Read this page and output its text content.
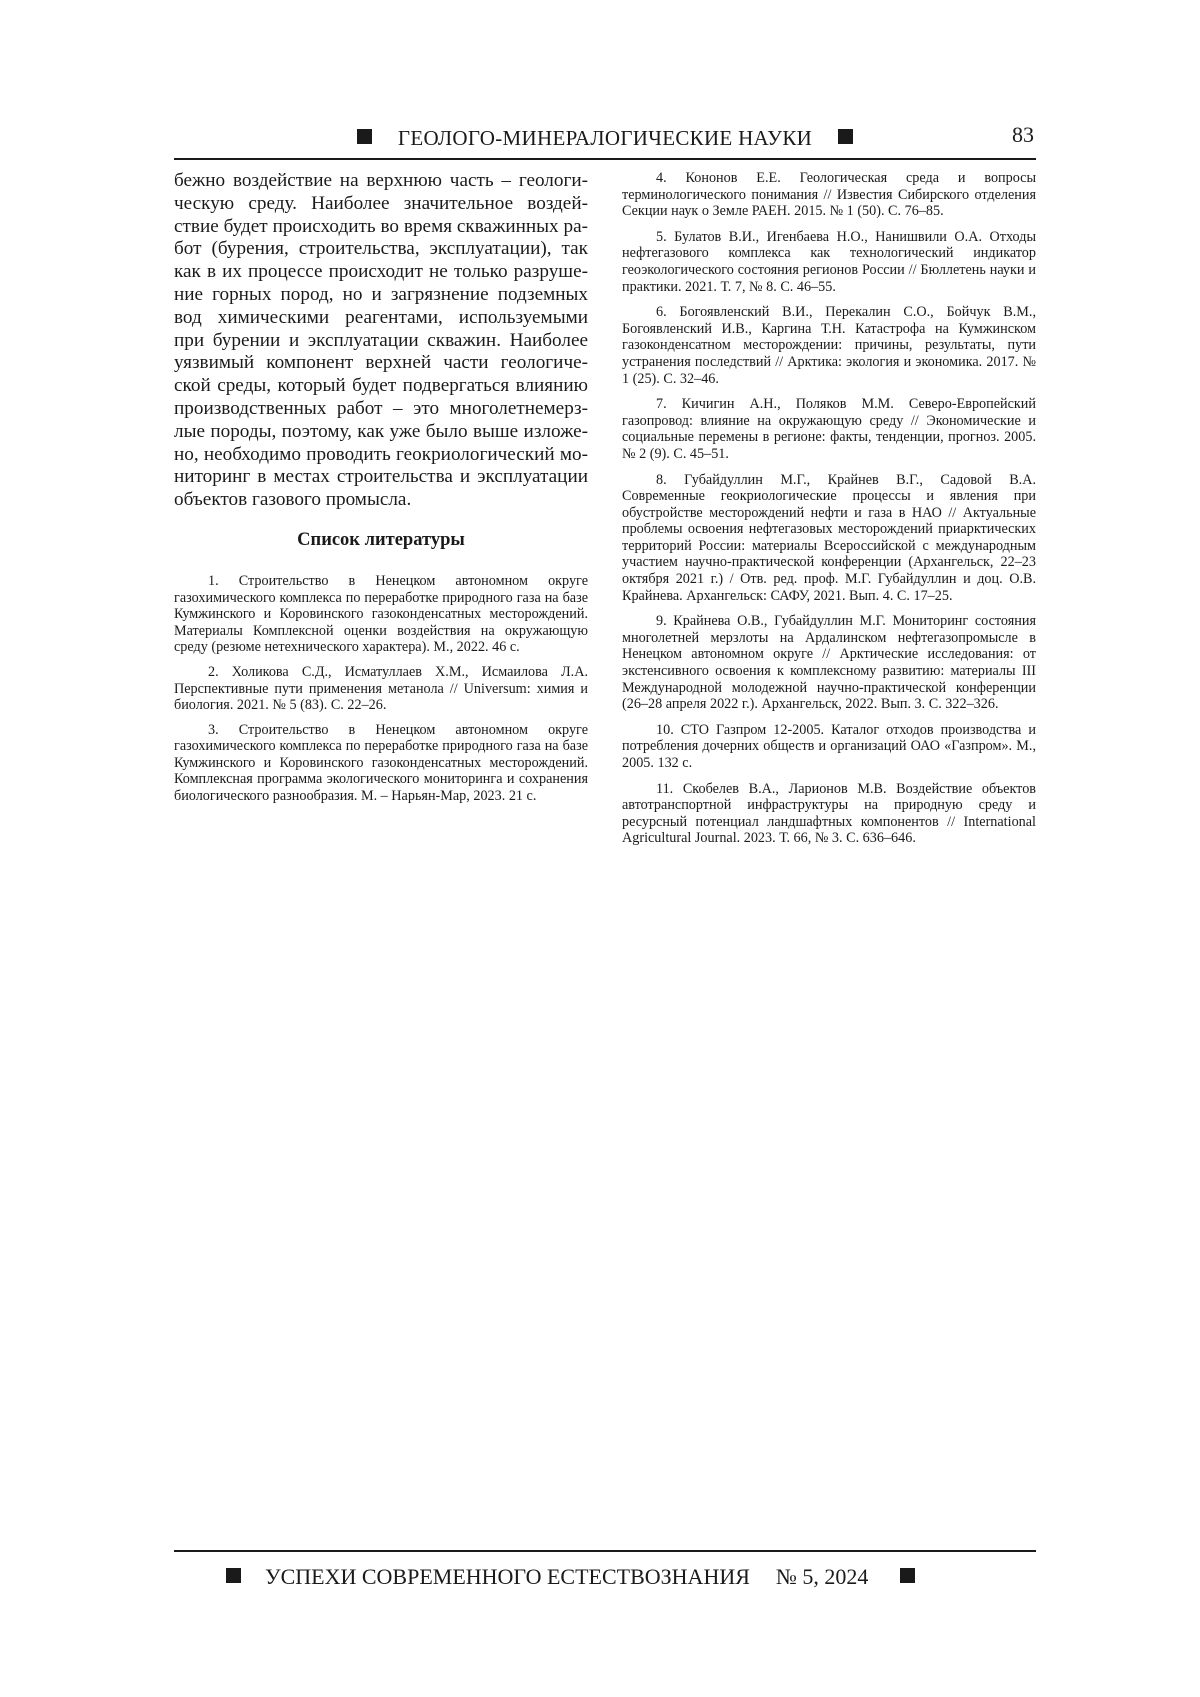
ГЕОЛОГО-МИНЕРАЛОГИЧЕСКИЕ НАУКИ	83

беж­но воз­дей­ствие на верх­нюю часть – гео­ло­ги­че­скую сре­ду. Наи­бо­лее зна­чи­тель­ное воз­дей­ствие бу­дет про­ис­хо­дить во вре­мя сква­жин­ных ра­бот (бу­ре­ния, стро­и­тель­ства, экс­плу­а­та­ции), так как в их про­цес­се про­ис­хо­дит не толь­ко раз­ру­ше­ние гор­ных по­род, но и за­гряз­не­ние под­зем­ных вод хи­ми­че­ски­ми ре­а­ген­та­ми, ис­поль­зу­е­мы­ми при бу­ре­нии и экс­плу­а­та­ции сква­жин. Наи­бо­лее уяз­ви­мый ком­по­нент верх­ней ча­сти гео­ло­ги­че­ской сре­ды, ко­то­рый бу­дет под­вер­гать­ся вли­я­нию про­из­вод­ствен­ных ра­бот – это мно­го­лет­не­мерз­лые по­ро­ды, по­это­му, как уже бы­ло вы­ше из­ло­же­но, не­об­хо­ди­мо про­во­дить гео­крио­ло­ги­че­ский мо­ни­то­ринг в ме­стах стро­и­тель­ства и экс­плу­а­та­ции объ­ек­тов га­зо­во­го про­мыс­ла.

Список литературы

1. Строительство в Ненецком автономном округе газохимического комплекса по переработке природного газа на базе Кумжинского и Коровинского газоконденсатных месторождений. Материалы Комплексной оценки воздействия на окружающую среду (резюме нетехнического характера). М., 2022. 46 с.

2. Холикова С.Д., Исматуллаев Х.М., Исмаилова Л.А. Перспективные пути применения метанола // Universum: химия и биология. 2021. № 5 (83). С. 22–26.

3. Строительство в Ненецком автономном округе газохимического комплекса по переработке природного газа на базе Кумжинского и Коровинского газоконденсатных месторождений. Комплексная программа экологического мониторинга и сохранения биологического разнообразия. М. – Нарьян-Мар, 2023. 21 с.

4. Кононов Е.Е. Геологическая среда и вопросы терминологического понимания // Известия Сибирского отделения Секции наук о Земле РАЕН. 2015. № 1 (50). С. 76–85.

5. Булатов В.И., Игенбаева Н.О., Нанишвили О.А. Отходы нефтегазового комплекса как технологический индикатор геоэкологического состояния регионов России // Бюллетень науки и практики. 2021. Т. 7, № 8. С. 46–55.

6. Богоявленский В.И., Перекалин С.О., Бойчук В.М., Богоявленский И.В., Каргина Т.Н. Катастрофа на Кумжинском газоконденсатном месторождении: причины, результаты, пути устранения последствий // Арктика: экология и экономика. 2017. № 1 (25). С. 32–46.

7. Кичигин А.Н., Поляков М.М. Северо-Европейский газопровод: влияние на окружающую среду // Экономические и социальные перемены в регионе: факты, тенденции, прогноз. 2005. № 2 (9). С. 45–51.

8. Губайдуллин М.Г., Крайнев В.Г., Садовой В.А. Современные геокриологические процессы и явления при обустройстве месторождений нефти и газа в НАО // Актуальные проблемы освоения нефтегазовых месторождений приарктических территорий России: материалы Всероссийской с международным участием научно-практической конференции (Архангельск, 22–23 октября 2021 г.) / Отв. ред. проф. М.Г. Губайдуллин и доц. О.В. Крайнева. Архангельск: САФУ, 2021. Вып. 4. С. 17–25.

9. Крайнева О.В., Губайдуллин М.Г. Мониторинг состояния многолетней мерзлоты на Ардалинском нефтегазопромысле в Ненецком автономном округе // Арктические исследования: от экстенсивного освоения к комплексному развитию: материалы III Международной молодежной научно-практической конференции (26–28 апреля 2022 г.). Архангельск, 2022. Вып. 3. С. 322–326.

10. СТО Газпром 12-2005. Каталог отходов производства и потребления дочерних обществ и организаций ОАО «Газпром». М., 2005. 132 с.

11. Скобелев В.А., Ларионов М.В. Воздействие объектов автотранспортной инфраструктуры на природную среду и ресурсный потенциал ландшафтных компонентов // International Agricultural Journal. 2023. Т. 66, № 3. С. 636–646.

УСПЕХИ СОВРЕМЕННОГО ЕСТЕСТВОЗНАНИЯ № 5, 2024
